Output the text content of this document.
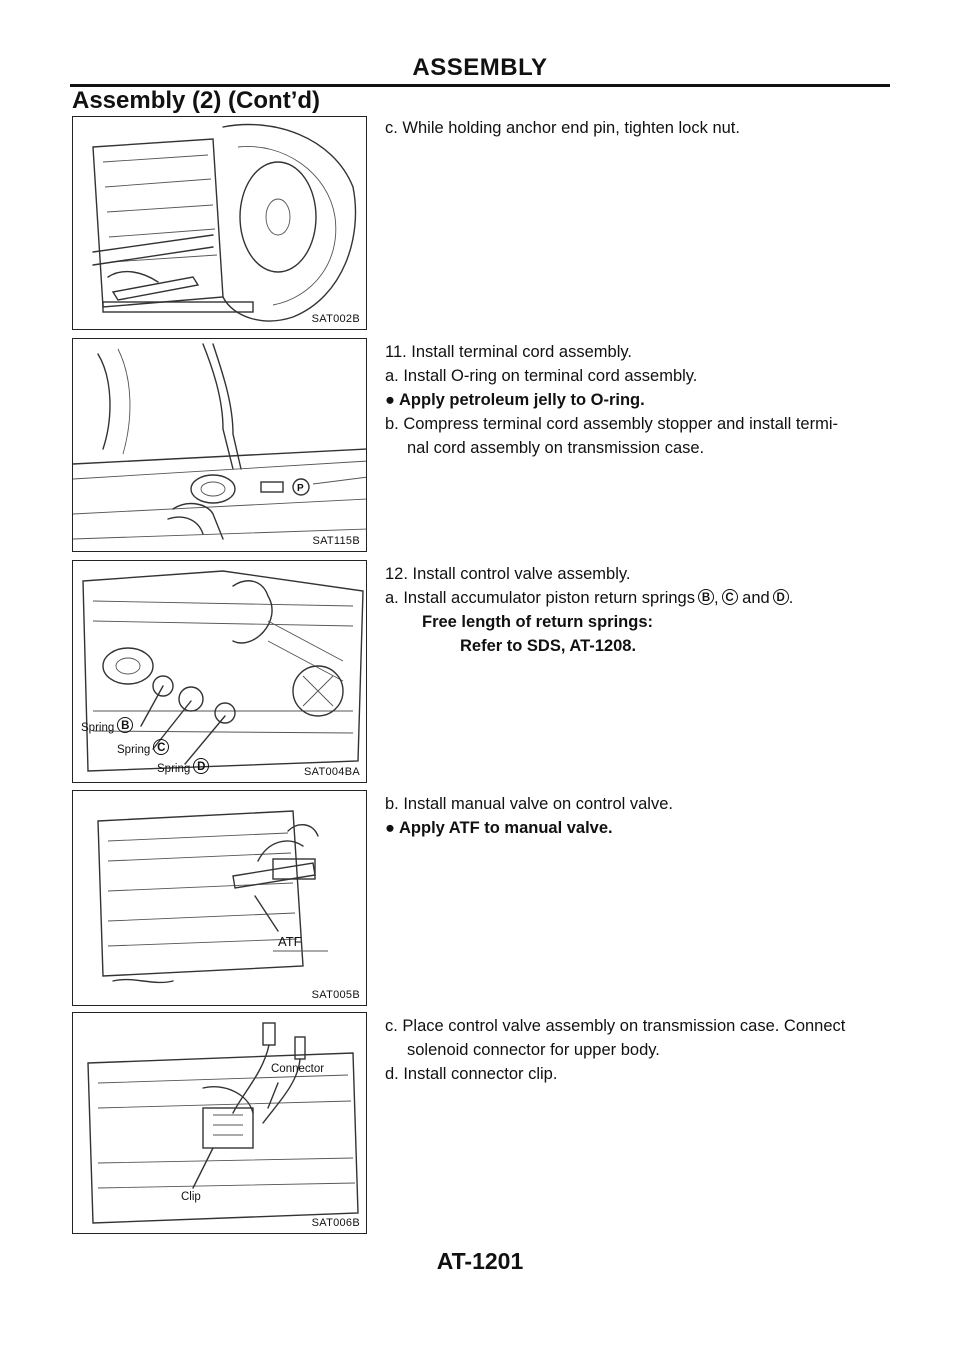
ASSEMBLY
Assembly (2) (Cont’d)
SAT002B
P
SAT115B
Spring B
Spring C
Spring D	SAT004BA
ATF
SAT005B
Connector
Clip
SAT006B
c. While holding anchor end pin, tighten lock nut.
11. Install terminal cord assembly.
a. Install O-ring on terminal cord assembly.
● Apply petroleum jelly to O-ring.
b. Compress terminal cord assembly stopper and install termi-
nal cord assembly on transmission case.
12. Install control valve assembly.
a. Install accumulator piston return springs B , C and D .
Free length of return springs:
Refer to SDS, AT-1208.
b. Install manual valve on control valve.
● Apply ATF to manual valve.
c. Place control valve assembly on transmission case. Connect
solenoid connector for upper body.
d. Install connector clip.
AT-1201
